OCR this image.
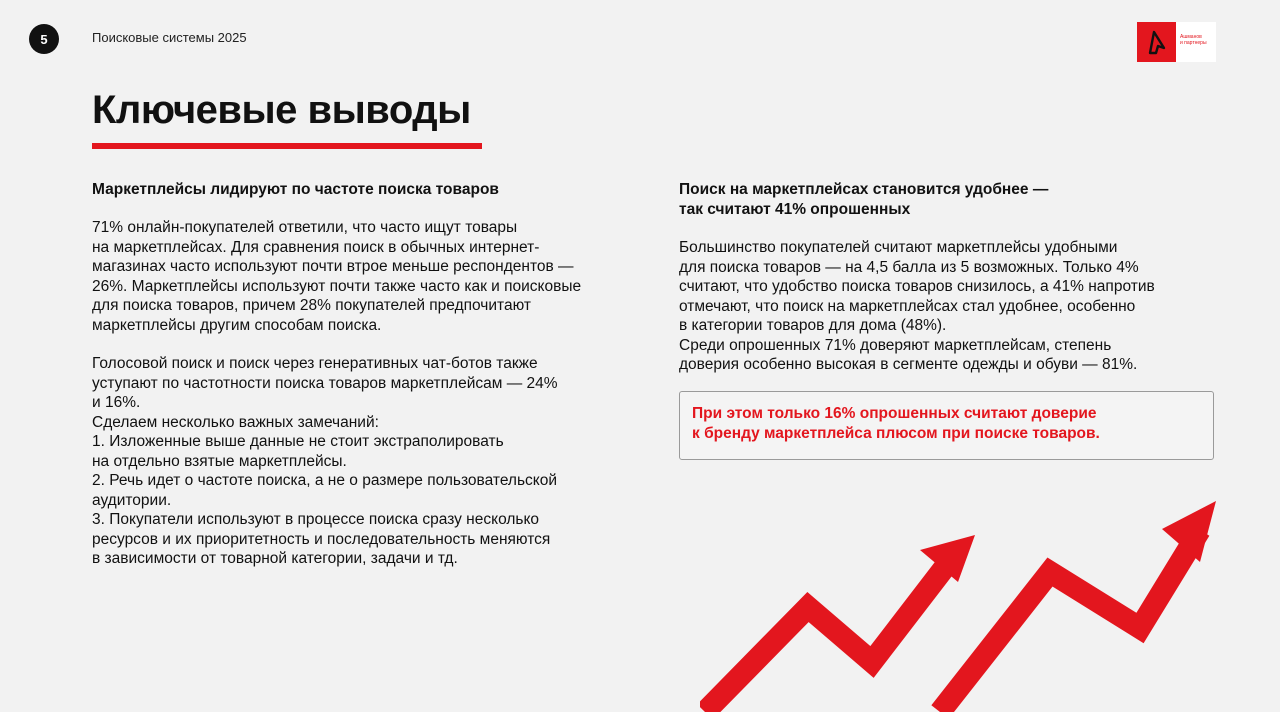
5	Поисковые системы 2025	Ашманов
и партнеры
Ключевые выводы

Маркетплейсы лидируют по частоте поиска товаров

71% онлайн-покупателей ответили, что часто ищут товары
на маркетплейсах. Для сравнения поиск в обычных интернет-
магазинах часто используют почти втрое меньше респондентов —
26%. Маркетплейсы используют почти также часто как и поисковые
для поиска товаров, причем 28% покупателей предпочитают
маркетплейсы другим способам поиска.

Голосовой поиск и поиск через генеративных чат-ботов также
уступают по частотности поиска товаров маркетплейсам — 24%
и 16%.
Сделаем несколько важных замечаний:
1. Изложенные выше данные не стоит экстраполировать
на отдельно взятые маркетплейсы.
2. Речь идет о частоте поиска, а не о размере пользовательской
аудитории.
3. Покупатели используют в процессе поиска сразу несколько
ресурсов и их приоритетность и последовательность меняются
в зависимости от товарной категории, задачи и тд.

Поиск на маркетплейсах становится удобнее —
так считают 41% опрошенных

Большинство покупателей считают маркетплейсы удобными
для поиска товаров — на 4,5 балла из 5 возможных. Только 4%
считают, что удобство поиска товаров снизилось, а 41% напротив
отмечают, что поиск на маркетплейсах стал удобнее, особенно
в категории товаров для дома (48%).
Среди опрошенных 71% доверяют маркетплейсам, степень
доверия особенно высокая в сегменте одежды и обуви — 81%.

При этом только 16% опрошенных считают доверие
к бренду маркетплейса плюсом при поиске товаров.
